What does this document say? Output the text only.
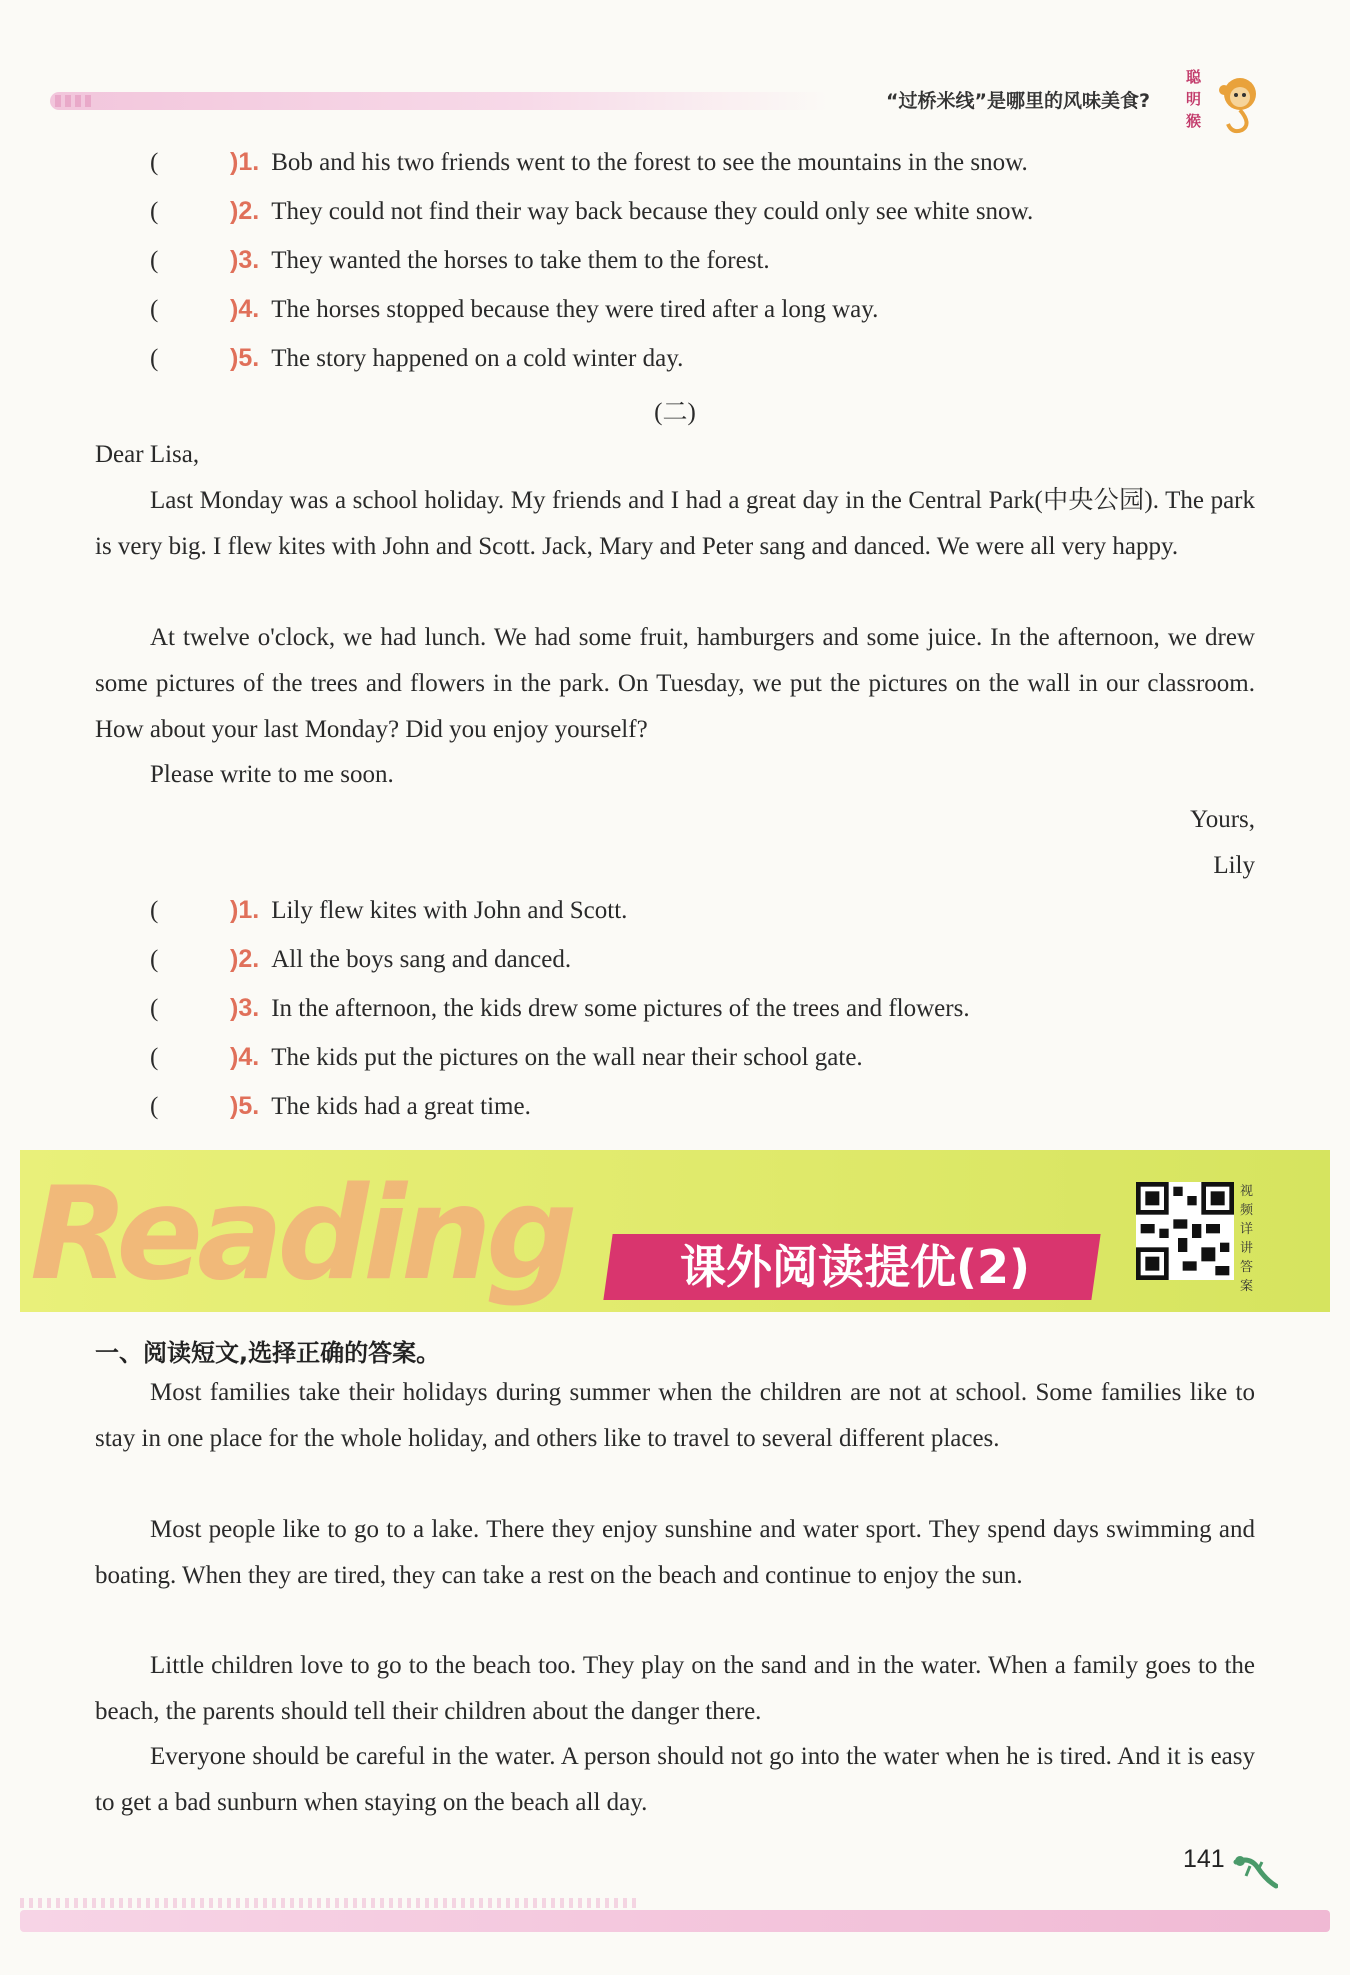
“过桥米线”是哪里的风味美食?
聪明猴
(	)1. Bob and his two friends went to the forest to see the mountains in the snow.
(	)2. They could not find their way back because they could only see white snow.
(	)3. They wanted the horses to take them to the forest.
(	)4. The horses stopped because they were tired after a long way.
(	)5. The story happened on a cold winter day.
(二)
Dear Lisa,
Last Monday was a school holiday. My friends and I had a great day in the Central Park(中央公园). The park is very big. I flew kites with John and Scott. Jack, Mary and Peter sang and danced. We were all very happy.
At twelve o'clock, we had lunch. We had some fruit, hamburgers and some juice. In the afternoon, we drew some pictures of the trees and flowers in the park. On Tuesday, we put the pictures on the wall in our classroom. How about your last Monday? Did you enjoy yourself?
Please write to me soon.
Yours,
Lily
(	)1. Lily flew kites with John and Scott.
(	)2. All the boys sang and danced.
(	)3. In the afternoon, the kids drew some pictures of the trees and flowers.
(	)4. The kids put the pictures on the wall near their school gate.
(	)5. The kids had a great time.
Reading	课外阅读提优(2)
视频详讲答案
一、阅读短文,选择正确的答案。
Most families take their holidays during summer when the children are not at school. Some families like to stay in one place for the whole holiday, and others like to travel to several different places.
Most people like to go to a lake. There they enjoy sunshine and water sport. They spend days swimming and boating. When they are tired, they can take a rest on the beach and continue to enjoy the sun.
Little children love to go to the beach too. They play on the sand and in the water. When a family goes to the beach, the parents should tell their children about the danger there.
Everyone should be careful in the water. A person should not go into the water when he is tired. And it is easy to get a bad sunburn when staying on the beach all day.
141
